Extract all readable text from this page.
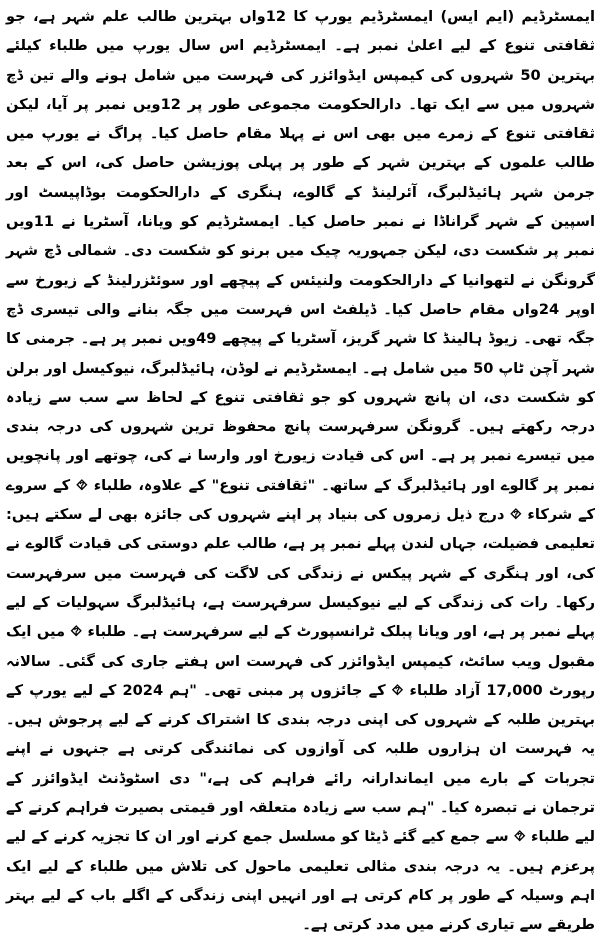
ایمسٹرڈیم (ایم ایس) ایمسٹرڈیم یورپ کا 12واں بہترین طالب علم شہر ہے، جو ثقافتی تنوع کے لیے اعلیٰ نمبر ہے۔ ایمسٹرڈیم اس سال یورپ میں طلباء کیلئے بہترین 50 شہروں کی کیمپس ایڈوائزر کی فہرست میں شامل ہونے والے تین ڈچ شہروں میں سے ایک تھا۔ دارالحکومت مجموعی طور پر 12ویں نمبر پر آیا، لیکن ثقافتی تنوع کے زمرے میں بھی اس نے پہلا مقام حاصل کیا۔ پراگ نے یورپ میں طالب علموں کے بہترین شہر کے طور پر پہلی پوزیشن حاصل کی، اس کے بعد جرمن شہر ہائیڈلبرگ، آئرلینڈ کے گالوے، ہنگری کے دارالحکومت بوڈاپیسٹ اور اسپین کے شہر گراناڈا نے نمبر حاصل کیا۔ ایمسٹرڈیم کو ویانا، آسٹریا نے 11ویں نمبر پر شکست دی، لیکن جمہوریہ چیک میں برنو کو شکست دی۔ شمالی ڈچ شہر گرونگن نے لتھوانیا کے دارالحکومت ولنیئس کے پیچھے اور سوئٹزرلینڈ کے زیورخ سے اوپر 24واں مقام حاصل کیا۔ ڈیلفٹ اس فہرست میں جگہ بنانے والی تیسری ڈچ جگہ تھی۔ زیوڈ ہالینڈ کا شہر گریز، آسٹریا کے پیچھے 49ویں نمبر پر ہے۔ جرمنی کا شہر آچن ٹاپ 50 میں شامل ہے۔ ایمسٹرڈیم نے لوڈن، ہائیڈلبرگ، نیوکیسل اور برلن کو شکست دی، ان پانچ شہروں کو جو ثقافتی تنوع کے لحاظ سے سب سے زیادہ درجہ رکھتے ہیں۔ گرونگن سرفہرست پانچ محفوظ ترین شہروں کی درجہ بندی میں تیسرے نمبر پر ہے۔ اس کی قیادت زیورخ اور وارسا نے کی، چوتھے اور پانچویں نمبر پر گالوے اور ہائیڈلبرگ کے ساتھ۔ "ثقافتی تنوع" کے علاوہ، طلباء ⯑ کے سروے کے شرکاء ⯑ درج ذیل زمروں کی بنیاد پر اپنے شہروں کی جائزہ بھی لے سکتے ہیں: تعلیمی فضیلت، جہاں لندن پہلے نمبر پر ہے، طالب علم دوستی کی قیادت گالوے نے کی، اور ہنگری کے شہر پیکس نے زندگی کی لاگت کی فہرست میں سرفہرست رکھا۔ رات کی زندگی کے لیے نیوکیسل سرفہرست ہے، ہائیڈلبرگ سہولیات کے لیے پہلے نمبر پر ہے، اور ویانا پبلک ٹرانسپورٹ کے لیے سرفہرست ہے۔ طلباء ⯑ میں ایک مقبول ویب سائٹ، کیمپس ایڈوائزر کی فہرست اس ہفتے جاری کی گئی۔ سالانہ رپورٹ 17,000 آزاد طلباء ⯑ کے جائزوں پر مبنی تھی۔ "ہم 2024 کے لیے یورپ کے بہترین طلبہ کے شہروں کی اپنی درجہ بندی کا اشتراک کرنے کے لیے پرجوش ہیں۔ یہ فہرست ان ہزاروں طلبہ کی آوازوں کی نمائندگی کرتی ہے جنہوں نے اپنے تجربات کے بارے میں ایماندارانہ رائے فراہم کی ہے،" دی اسٹوڈنٹ ایڈوائزر کے ترجمان نے تبصرہ کیا۔ "ہم سب سے زیادہ متعلقہ اور قیمتی بصیرت فراہم کرنے کے لیے طلباء ⯑ سے جمع کیے گئے ڈیٹا کو مسلسل جمع کرنے اور ان کا تجزیہ کرنے کے لیے پرعزم ہیں۔ یہ درجہ بندی مثالی تعلیمی ماحول کی تلاش میں طلباء کے لیے ایک اہم وسیلہ کے طور پر کام کرتی ہے اور انہیں اپنی زندگی کے اگلے باب کے لیے بہتر طریقے سے تیاری کرنے میں مدد کرتی ہے۔
